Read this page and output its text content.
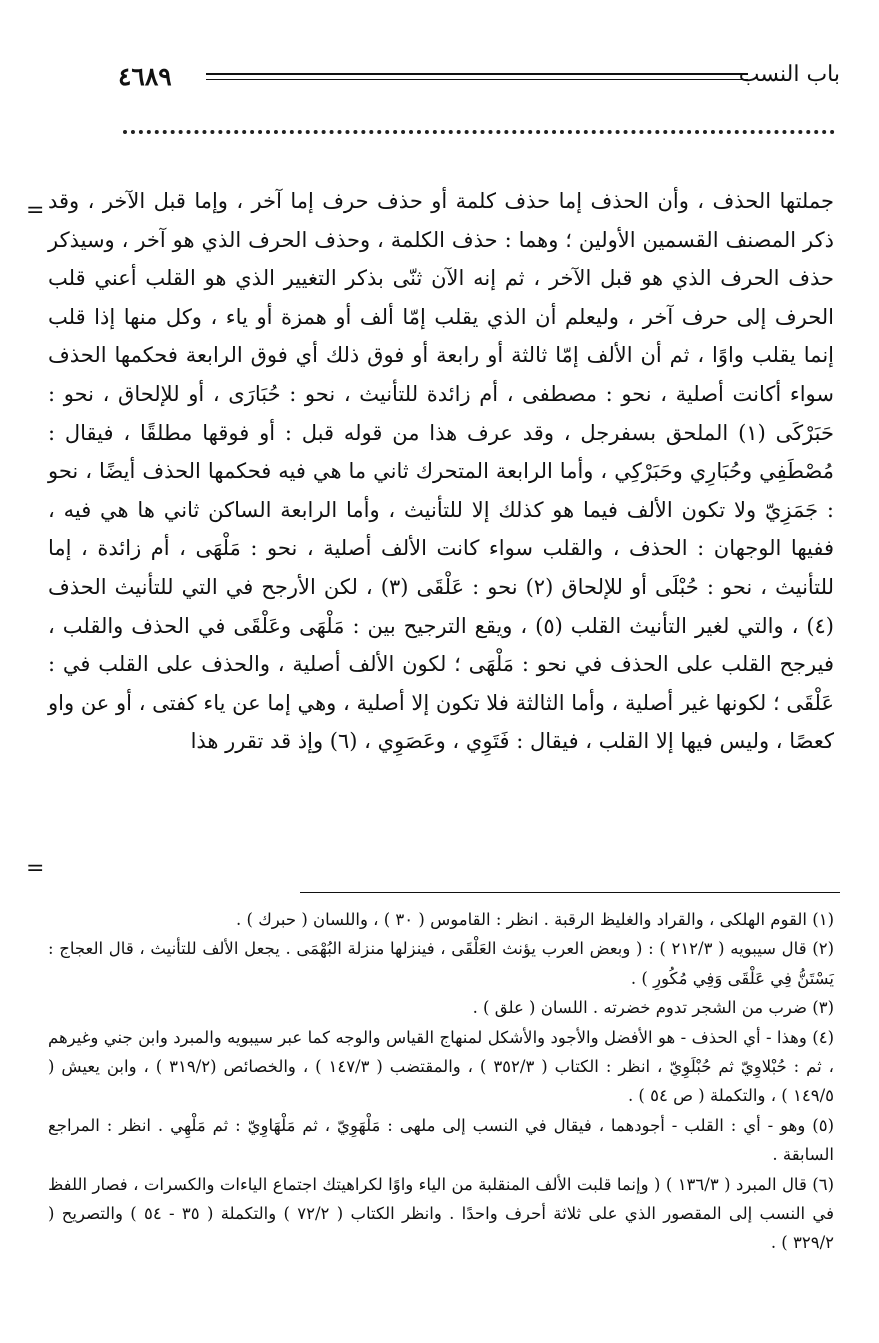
٤٦٨٩	باب النسب
=
=

جملتها الحذف ، وأن الحذف إما حذف كلمة أو حذف حرف إما آخر ، وإما قبل الآخر ، وقد ذكر المصنف القسمين الأولين ؛ وهما : حذف الكلمة ، وحذف الحرف الذي هو آخر ، وسيذكر حذف الحرف الذي هو قبل الآخر ، ثم إنه الآن ثنّى بذكر التغيير الذي هو القلب أعني قلب الحرف إلى حرف آخر ، وليعلم أن الذي يقلب إمّا ألف أو همزة أو ياء ، وكل منها إذا قلب إنما يقلب واوًا ، ثم أن الألف إمّا ثالثة أو رابعة أو فوق ذلك أي فوق الرابعة فحكمها الحذف سواء أكانت أصلية ، نحو : مصطفى ، أم زائدة للتأنيث ، نحو : حُبَارَى ، أو للإلحاق ، نحو : حَبَرْكَى (١) الملحق بسفرجل ، وقد عرف هذا من قوله قبل : أو فوقها مطلقًا ، فيقال : مُصْطَفِي وحُبَارِي وحَبَرْكِي ، وأما الرابعة المتحرك ثاني ما هي فيه فحكمها الحذف أيضًا ، نحو : جَمَزِيّ ولا تكون الألف فيما هو كذلك إلا للتأنيث ، وأما الرابعة الساكن ثاني ها هي فيه ، ففيها الوجهان : الحذف ، والقلب سواء كانت الألف أصلية ، نحو : مَلْهَى ، أم زائدة ، إما للتأنيث ، نحو : حُبْلَى أو للإلحاق (٢) نحو : عَلْقَى (٣) ، لكن الأرجح في التي للتأنيث الحذف (٤) ، والتي لغير التأنيث القلب (٥) ، ويقع الترجيح بين : مَلْهَى وعَلْقَى في الحذف والقلب ، فيرجح القلب على الحذف في نحو : مَلْهَى ؛ لكون الألف أصلية ، والحذف على القلب في : عَلْقَى ؛ لكونها غير أصلية ، وأما الثالثة فلا تكون إلا أصلية ، وهي إما عن ياء كفتى ، أو عن واو كعصًا ، وليس فيها إلا القلب ، فيقال : فَتَوِي ، وعَصَوِي ، (٦) وإذ قد تقرر هذا

(١) القوم الهلكى ، والقراد والغليظ الرقبة . انظر : القاموس ( ٣٠ ) ، واللسان ( حبرك ) .

(٢) قال سيبويه ( ٢١٢/٣ ) : ( وبعض العرب يؤنث العَلْقَى ، فينزلها منزلة البُهْمَى . يجعل الألف للتأنيث ، قال العجاج : يَسْتَنُّ فِي عَلْقَى وَفِي مُكُورِ ) .

(٣) ضرب من الشجر تدوم خضرته . اللسان ( علق ) .

(٤) وهذا - أي الحذف - هو الأفضل والأجود والأشكل لمنهاج القياس والوجه كما عبر سيبويه والمبرد وابن جني وغيرهم ، ثم : حُبْلاوِيّ ثم حُبْلَوِيّ ، انظر : الكتاب ( ٣٥٢/٣ ) ، والمقتضب ( ١٤٧/٣ ) ، والخصائص (٣١٩/٢ ) ، وابن يعيش ( ١٤٩/٥ ) ، والتكملة ( ص ٥٤ ) .

(٥) وهو - أي : القلب - أجودهما ، فيقال في النسب إلى ملهى : مَلْهَوِيّ ، ثم مَلْهَاوِيّ : ثم مَلْهِي . انظر : المراجع السابقة .

(٦) قال المبرد ( ١٣٦/٣ ) ( وإنما قلبت الألف المنقلبة من الياء واوًا لكراهيتك اجتماع الياءات والكسرات ، فصار اللفظ في النسب إلى المقصور الذي على ثلاثة أحرف واحدًا . وانظر الكتاب ( ٧٢/٢ ) والتكملة ( ٣٥ - ٥٤ ) والتصريح ( ٣٢٩/٢ ) .
